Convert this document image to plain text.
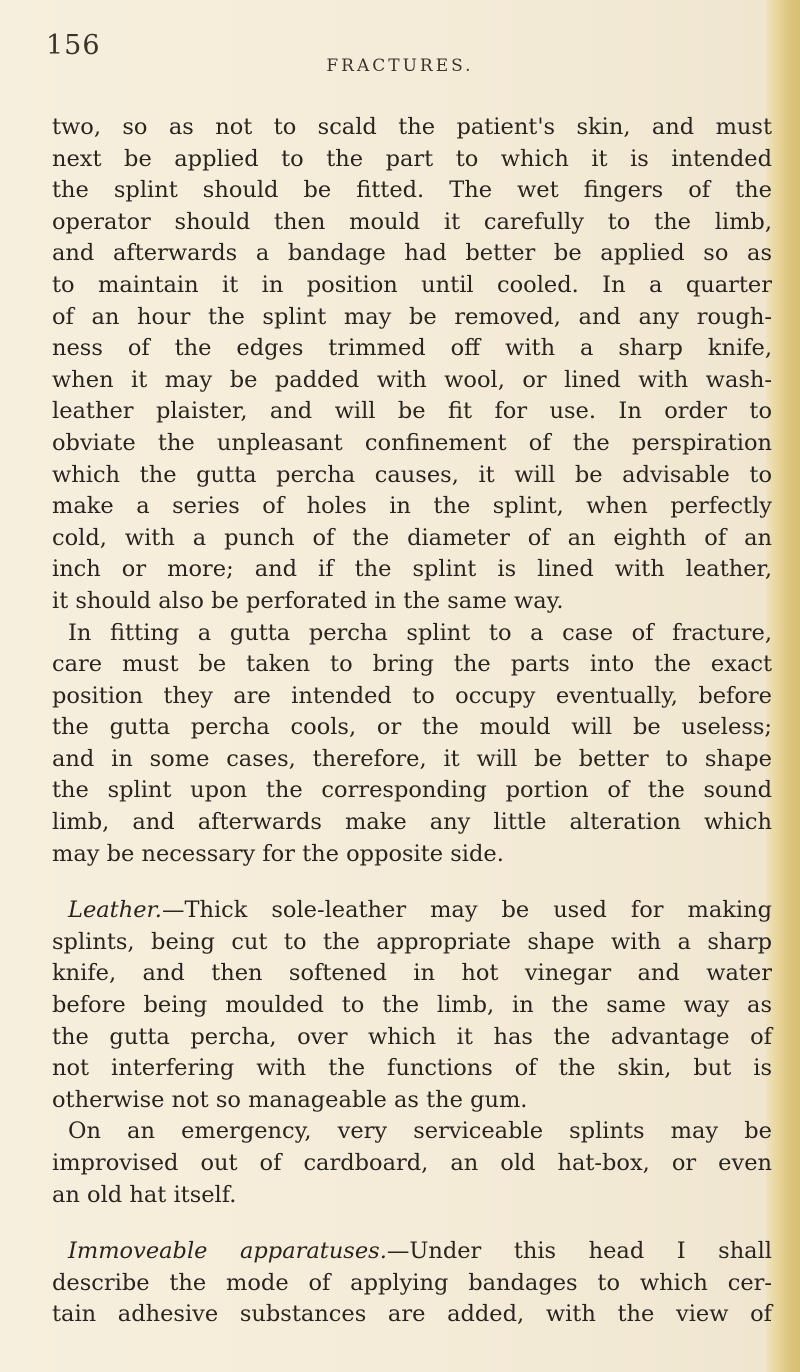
156

FRACTURES.

two, so as not to scald the patient's skin, and must
next be applied to the part to which it is intended
the splint should be fitted. The wet fingers of the
operator should then mould it carefully to the limb,
and afterwards a bandage had better be applied so as
to maintain it in position until cooled. In a quarter
of an hour the splint may be removed, and any rough-
ness of the edges trimmed off with a sharp knife,
when it may be padded with wool, or lined with wash-
leather plaister, and will be fit for use. In order to
obviate the unpleasant confinement of the perspiration
which the gutta percha causes, it will be advisable to
make a series of holes in the splint, when perfectly
cold, with a punch of the diameter of an eighth of an
inch or more; and if the splint is lined with leather,
it should also be perforated in the same way.
In fitting a gutta percha splint to a case of fracture,
care must be taken to bring the parts into the exact
position they are intended to occupy eventually, before
the gutta percha cools, or the mould will be useless;
and in some cases, therefore, it will be better to shape
the splint upon the corresponding portion of the sound
limb, and afterwards make any little alteration which
may be necessary for the opposite side.
Leather.—Thick sole-leather may be used for making
splints, being cut to the appropriate shape with a sharp
knife, and then softened in hot vinegar and water
before being moulded to the limb, in the same way as
the gutta percha, over which it has the advantage of
not interfering with the functions of the skin, but is
otherwise not so manageable as the gum.
On an emergency, very serviceable splints may be
improvised out of cardboard, an old hat-box, or even
an old hat itself.
Immoveable apparatuses.—Under this head I shall
describe the mode of applying bandages to which cer-
tain adhesive substances are added, with the view of
